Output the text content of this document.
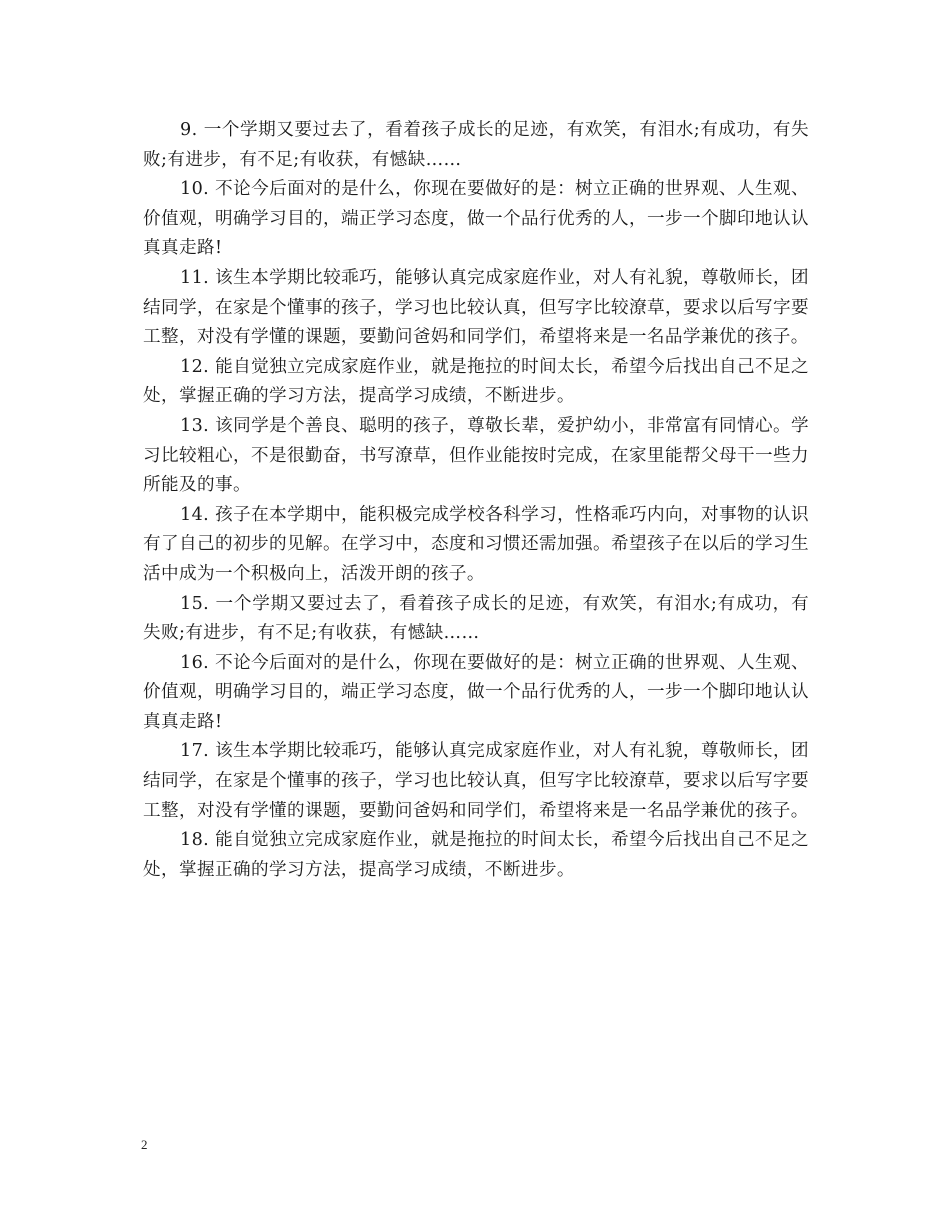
9. 一个学期又要过去了，看着孩子成长的足迹，有欢笑，有泪水;有成功，有失败;有进步，有不足;有收获，有憾缺……

10. 不论今后面对的是什么，你现在要做好的是：树立正确的世界观、人生观、价值观，明确学习目的，端正学习态度，做一个品行优秀的人，一步一个脚印地认认真真走路!

11. 该生本学期比较乖巧，能够认真完成家庭作业，对人有礼貌，尊敬师长，团结同学，在家是个懂事的孩子，学习也比较认真，但写字比较潦草，要求以后写字要工整，对没有学懂的课题，要勤问爸妈和同学们，希望将来是一名品学兼优的孩子。

12. 能自觉独立完成家庭作业，就是拖拉的时间太长，希望今后找出自己不足之处，掌握正确的学习方法，提高学习成绩，不断进步。

13. 该同学是个善良、聪明的孩子，尊敬长辈，爱护幼小，非常富有同情心。学习比较粗心，不是很勤奋，书写潦草，但作业能按时完成，在家里能帮父母干一些力所能及的事。

14. 孩子在本学期中，能积极完成学校各科学习，性格乖巧内向，对事物的认识有了自己的初步的见解。在学习中，态度和习惯还需加强。希望孩子在以后的学习生活中成为一个积极向上，活泼开朗的孩子。

15. 一个学期又要过去了，看着孩子成长的足迹，有欢笑，有泪水;有成功，有失败;有进步，有不足;有收获，有憾缺……

16. 不论今后面对的是什么，你现在要做好的是：树立正确的世界观、人生观、价值观，明确学习目的，端正学习态度，做一个品行优秀的人，一步一个脚印地认认真真走路!

17. 该生本学期比较乖巧，能够认真完成家庭作业，对人有礼貌，尊敬师长，团结同学，在家是个懂事的孩子，学习也比较认真，但写字比较潦草，要求以后写字要工整，对没有学懂的课题，要勤问爸妈和同学们，希望将来是一名品学兼优的孩子。

18. 能自觉独立完成家庭作业，就是拖拉的时间太长，希望今后找出自己不足之处，掌握正确的学习方法，提高学习成绩，不断进步。

2
